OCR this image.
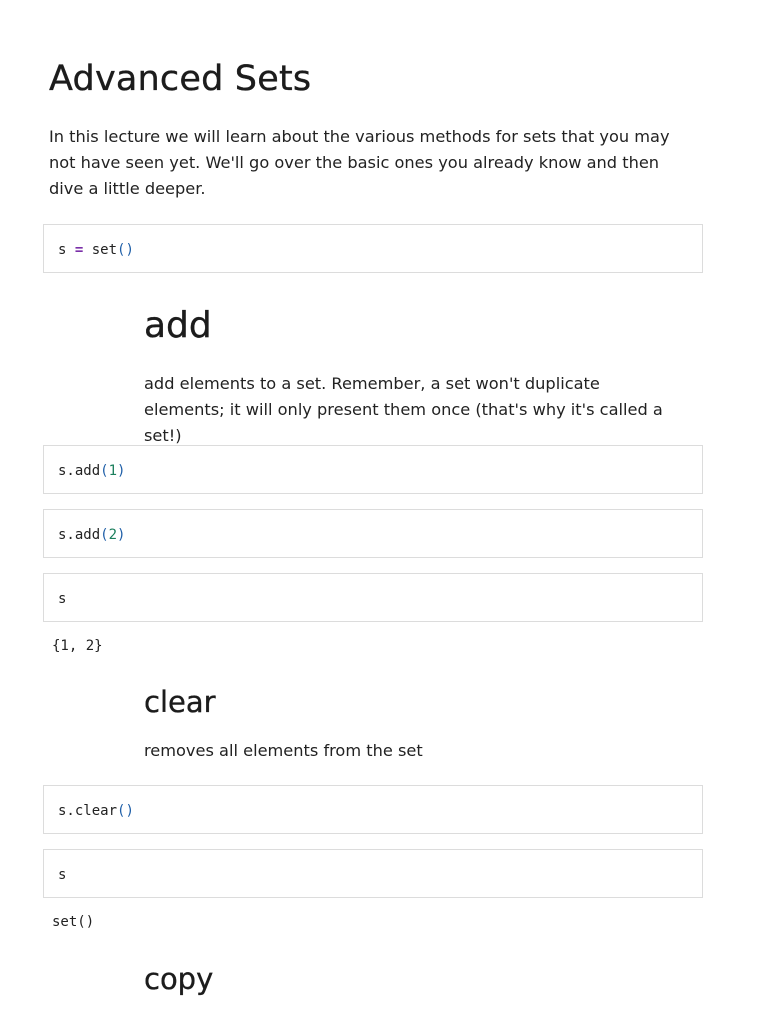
Advanced Sets

In this lecture we will learn about the various methods for sets that you may not have seen yet. We'll go over the basic ones you already know and then dive a little deeper.

s = set()
add

add elements to a set. Remember, a set won't duplicate elements; it will only present them once (that's why it's called a set!)

s.add(1)
s.add(2)
s
{1, 2}
clear

removes all elements from the set

s.clear()
s
set()
copy
